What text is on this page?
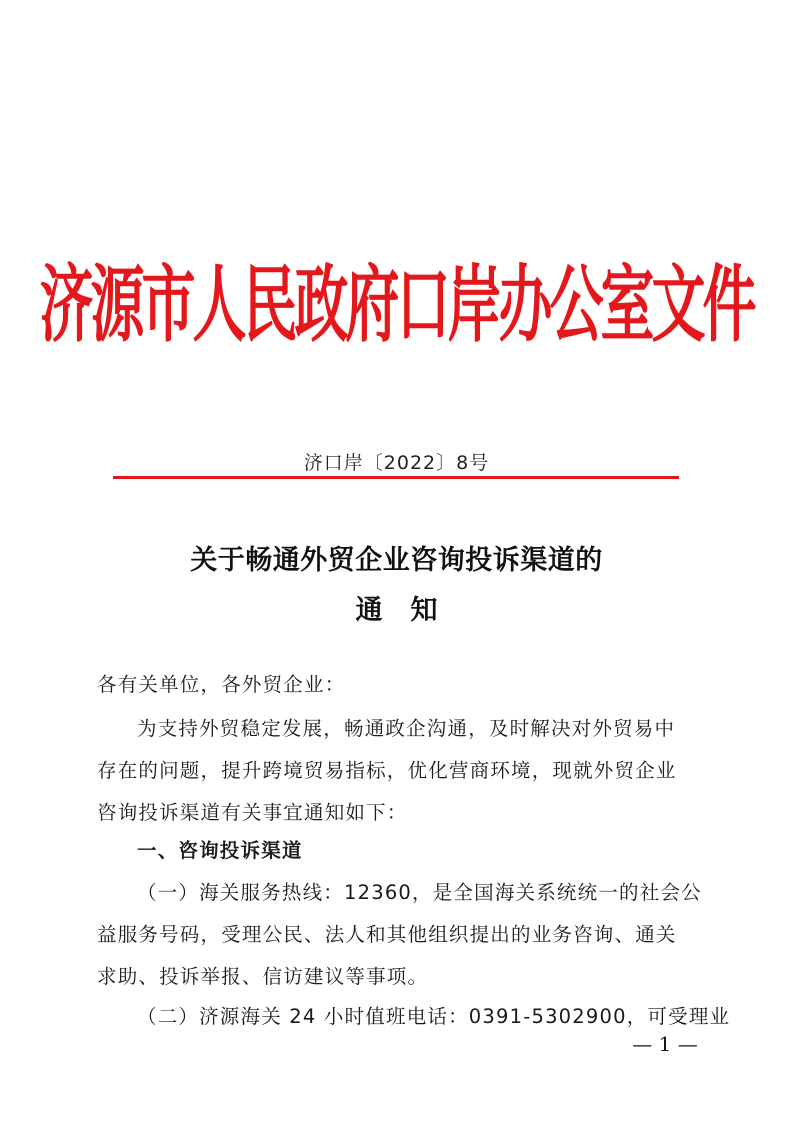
济源市人民政府口岸办公室文件
济口岸〔2022〕8号
关于畅通外贸企业咨询投诉渠道的
通知
各有关单位，各外贸企业：
为支持外贸稳定发展，畅通政企沟通，及时解决对外贸易中
存在的问题，提升跨境贸易指标，优化营商环境，现就外贸企业
咨询投诉渠道有关事宜通知如下：
一、咨询投诉渠道
（一）海关服务热线：12360，是全国海关系统统一的社会公
益服务号码，受理公民、法人和其他组织提出的业务咨询、通关
求助、投诉举报、信访建议等事项。
（二）济源海关 24 小时值班电话：0391-5302900，可受理业
— 1 —
